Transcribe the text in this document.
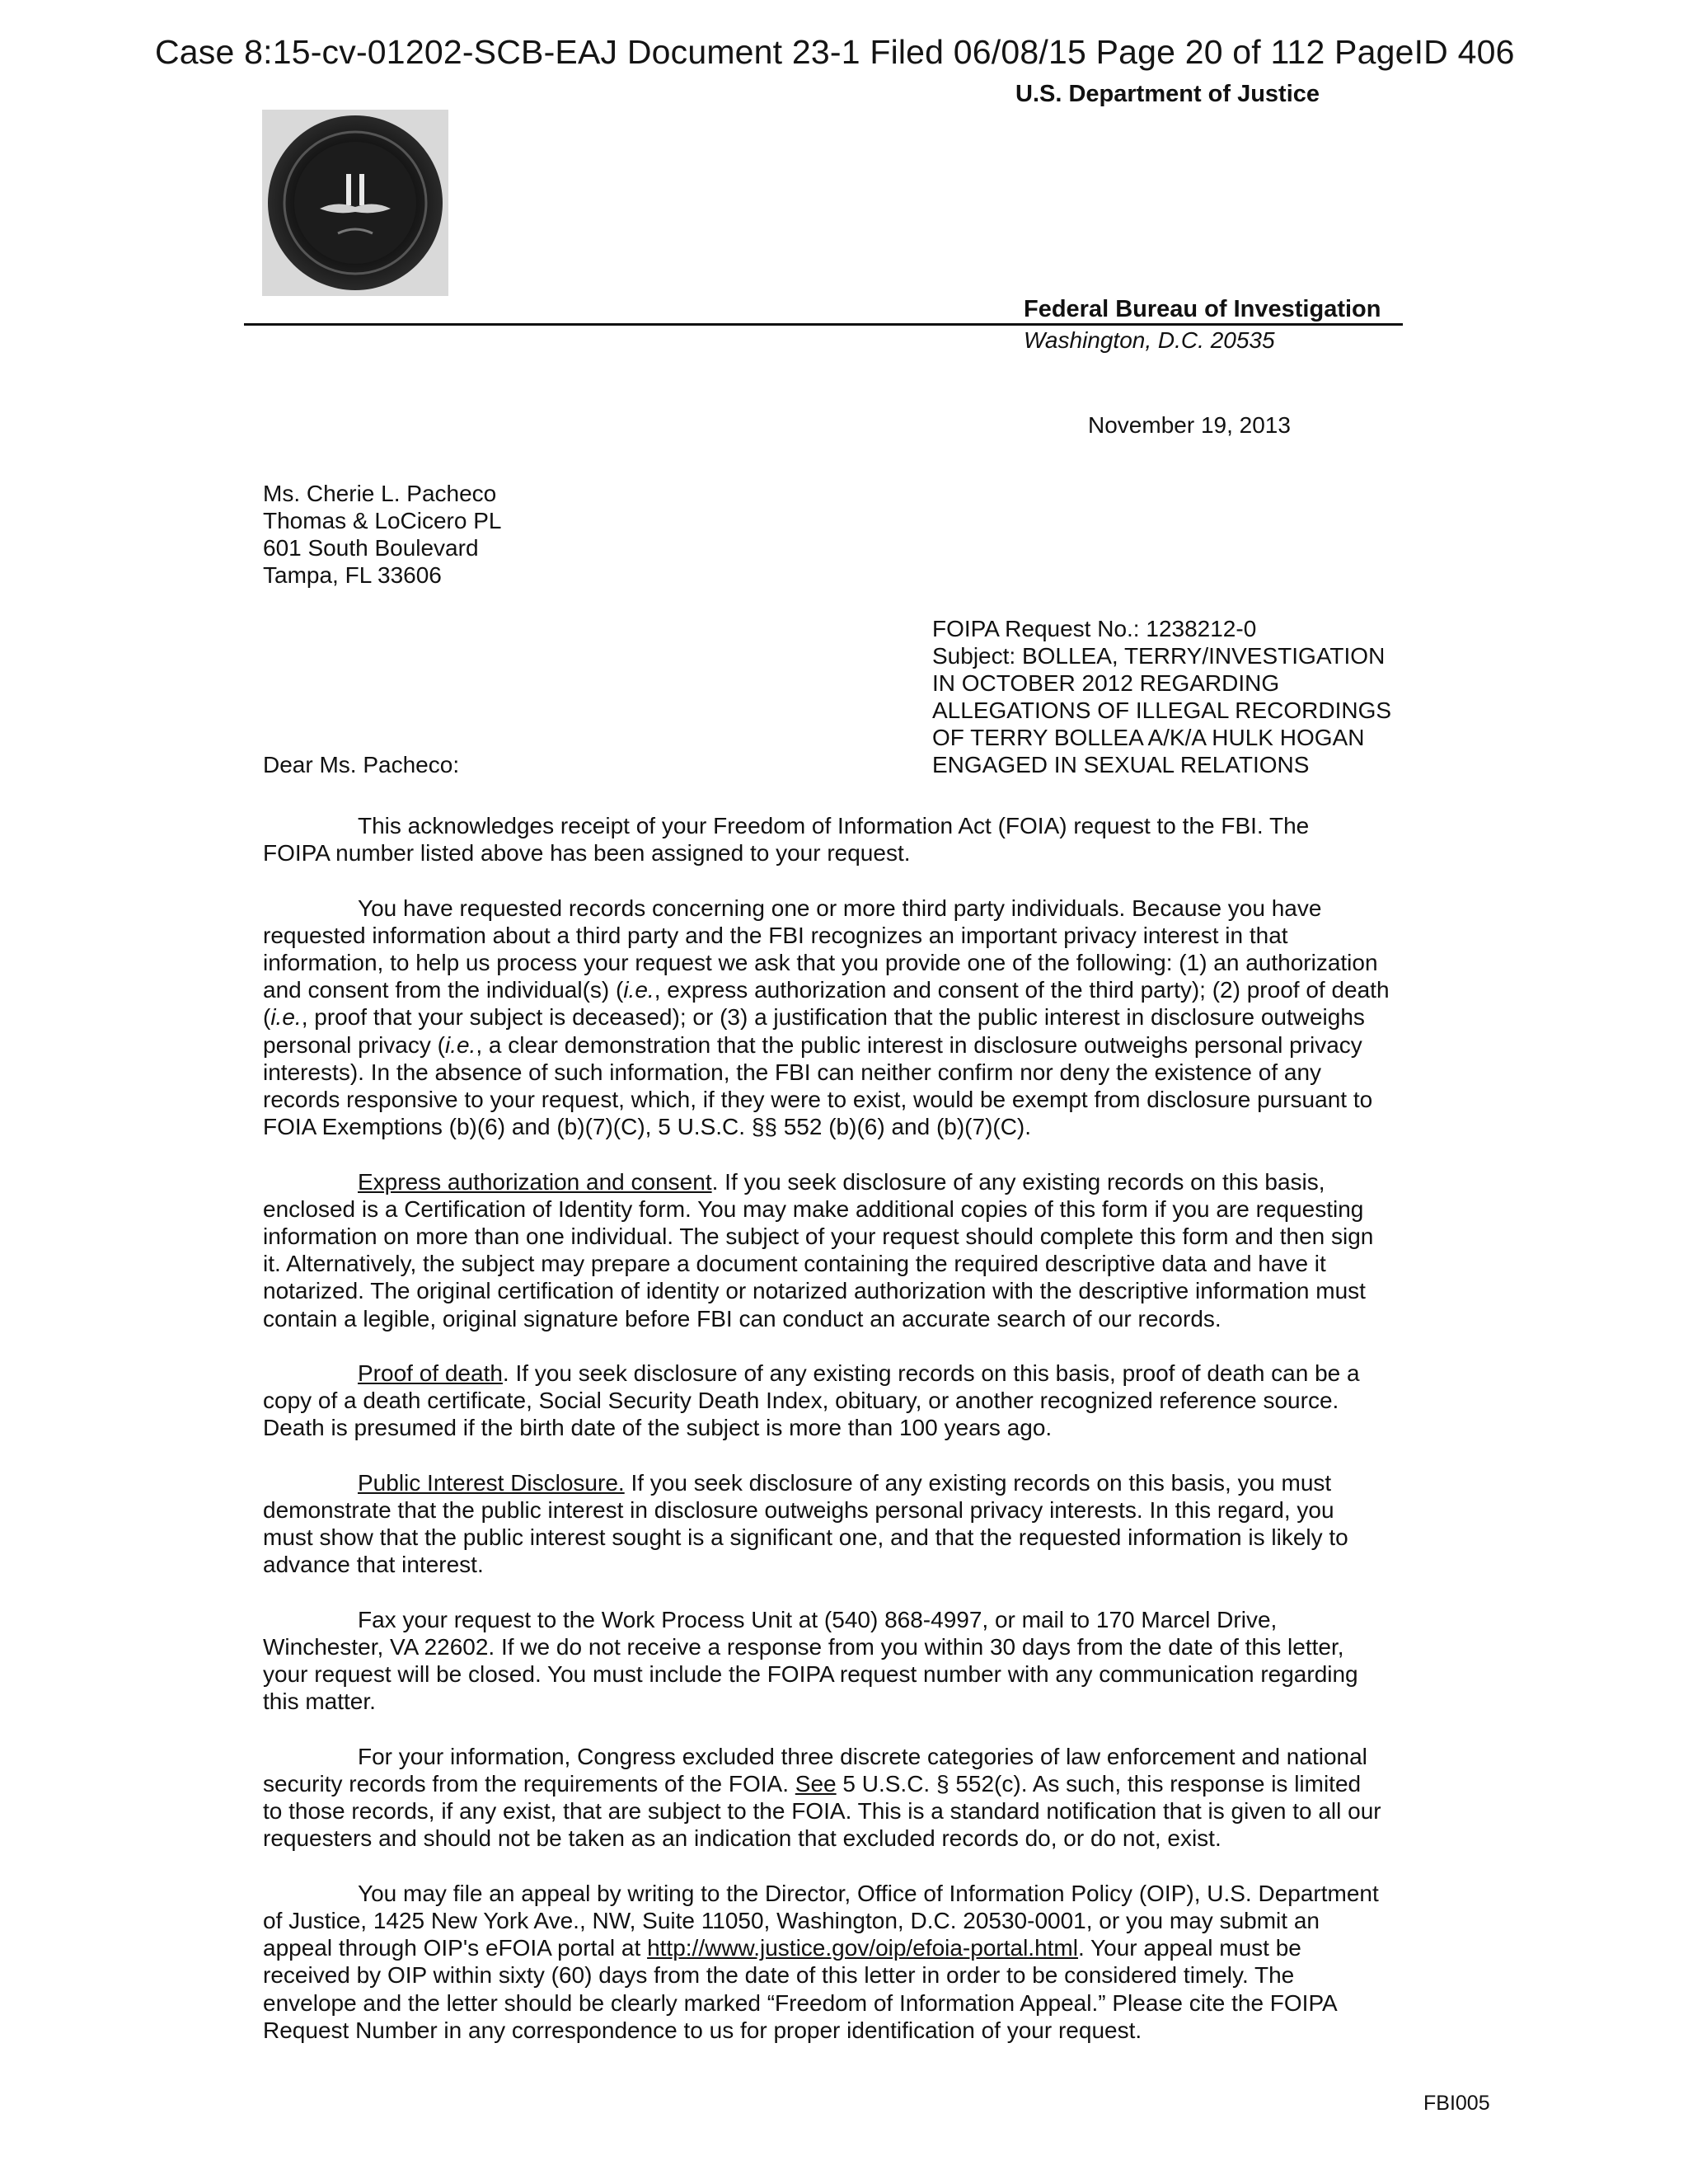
Case 8:15-cv-01202-SCB-EAJ Document 23-1 Filed 06/08/15 Page 20 of 112 PageID 406
U.S. Department of Justice
Federal Bureau of Investigation
Washington, D.C. 20535
November 19, 2013
Ms. Cherie L. Pacheco
Thomas & LoCicero PL
601 South Boulevard
Tampa, FL 33606
FOIPA Request No.: 1238212-0
Subject: BOLLEA, TERRY/INVESTIGATION
IN OCTOBER 2012 REGARDING
ALLEGATIONS OF ILLEGAL RECORDINGS
OF TERRY BOLLEA A/K/A HULK HOGAN
ENGAGED IN SEXUAL RELATIONS
Dear Ms. Pacheco:

This acknowledges receipt of your Freedom of Information Act (FOIA) request to the FBI. The
FOIPA number listed above has been assigned to your request.

You have requested records concerning one or more third party individuals. Because you have
requested information about a third party and the FBI recognizes an important privacy interest in that
information, to help us process your request we ask that you provide one of the following: (1) an authorization
and consent from the individual(s) (i.e., express authorization and consent of the third party); (2) proof of death
(i.e., proof that your subject is deceased); or (3) a justification that the public interest in disclosure outweighs
personal privacy (i.e., a clear demonstration that the public interest in disclosure outweighs personal privacy
interests). In the absence of such information, the FBI can neither confirm nor deny the existence of any
records responsive to your request, which, if they were to exist, would be exempt from disclosure pursuant to
FOIA Exemptions (b)(6) and (b)(7)(C), 5 U.S.C. §§ 552 (b)(6) and (b)(7)(C).

Express authorization and consent. If you seek disclosure of any existing records on this basis,
enclosed is a Certification of Identity form. You may make additional copies of this form if you are requesting
information on more than one individual. The subject of your request should complete this form and then sign
it. Alternatively, the subject may prepare a document containing the required descriptive data and have it
notarized. The original certification of identity or notarized authorization with the descriptive information must
contain a legible, original signature before FBI can conduct an accurate search of our records.

Proof of death. If you seek disclosure of any existing records on this basis, proof of death can be a
copy of a death certificate, Social Security Death Index, obituary, or another recognized reference source.
Death is presumed if the birth date of the subject is more than 100 years ago.

Public Interest Disclosure. If you seek disclosure of any existing records on this basis, you must
demonstrate that the public interest in disclosure outweighs personal privacy interests. In this regard, you
must show that the public interest sought is a significant one, and that the requested information is likely to
advance that interest.

Fax your request to the Work Process Unit at (540) 868-4997, or mail to 170 Marcel Drive,
Winchester, VA 22602. If we do not receive a response from you within 30 days from the date of this letter,
your request will be closed. You must include the FOIPA request number with any communication regarding
this matter.

For your information, Congress excluded three discrete categories of law enforcement and national
security records from the requirements of the FOIA. See 5 U.S.C. § 552(c). As such, this response is limited
to those records, if any exist, that are subject to the FOIA. This is a standard notification that is given to all our
requesters and should not be taken as an indication that excluded records do, or do not, exist.

You may file an appeal by writing to the Director, Office of Information Policy (OIP), U.S. Department
of Justice, 1425 New York Ave., NW, Suite 11050, Washington, D.C. 20530-0001, or you may submit an
appeal through OIP's eFOIA portal at http://www.justice.gov/oip/efoia-portal.html. Your appeal must be
received by OIP within sixty (60) days from the date of this letter in order to be considered timely. The
envelope and the letter should be clearly marked “Freedom of Information Appeal.” Please cite the FOIPA
Request Number in any correspondence to us for proper identification of your request.

FBI005
